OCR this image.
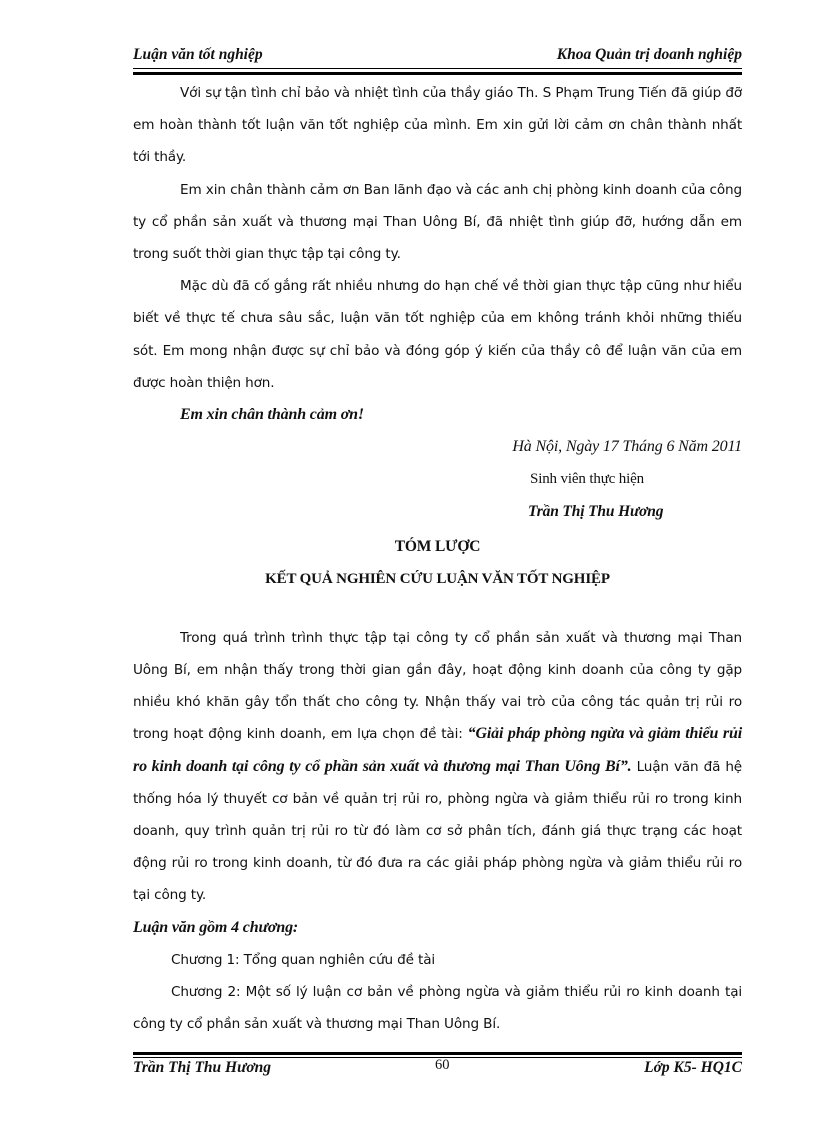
Luận văn tốt nghiệp	Khoa Quản trị doanh nghiệp

Với sự tận tình chỉ bảo và nhiệt tình của thầy giáo Th. S Phạm Trung Tiến đã giúp đỡ em hoàn thành tốt luận văn tốt nghiệp của mình. Em xin gửi lời cảm ơn chân thành nhất tới thầy.

Em xin chân thành cảm ơn Ban lãnh đạo và các anh chị phòng kinh doanh của công ty cổ phần sản xuất và thương mại Than Uông Bí, đã nhiệt tình giúp đỡ, hướng dẫn em trong suốt thời gian thực tập tại công ty.

Mặc dù đã cố gắng rất nhiều nhưng do hạn chế về thời gian thực tập cũng như hiểu biết về thực tế chưa sâu sắc, luận văn tốt nghiệp của em không tránh khỏi những thiếu sót. Em mong nhận được sự chỉ bảo và đóng góp ý kiến của thầy cô để luận văn của em được hoàn thiện hơn.

Em xin chân thành cảm ơn!

Hà Nội, Ngày 17 Tháng 6 Năm 2011

Sinh viên thực hiện

Trần Thị Thu Hương

TÓM LƯỢC
KẾT QUẢ NGHIÊN CỨU LUẬN VĂN TỐT NGHIỆP

Trong quá trình trình thực tập tại công ty cổ phần sản xuất và thương mại Than Uông Bí, em nhận thấy trong thời gian gần đây, hoạt động kinh doanh của công ty gặp nhiều khó khăn gây tổn thất cho công ty. Nhận thấy vai trò của công tác quản trị rủi ro trong hoạt động kinh doanh, em lựa chọn đề tài: “Giải pháp phòng ngừa và giảm thiểu rủi ro kinh doanh tại công ty cổ phần sản xuất và thương mại Than Uông Bí”. Luận văn đã hệ thống hóa lý thuyết cơ bản về quản trị rủi ro, phòng ngừa và giảm thiểu rủi ro trong kinh doanh, quy trình quản trị rủi ro từ đó làm cơ sở phân tích, đánh giá thực trạng các hoạt động rủi ro trong kinh doanh, từ đó đưa ra các giải pháp phòng ngừa và giảm thiểu rủi ro tại công ty.

Luận văn gồm 4 chương:

Chương 1: Tổng quan nghiên cứu đề tài

Chương 2: Một số lý luận cơ bản về phòng ngừa và giảm thiểu rủi ro kinh doanh tại công ty cổ phần sản xuất và thương mại Than Uông Bí.

Trần Thị Thu Hương	60	Lớp K5- HQ1C
